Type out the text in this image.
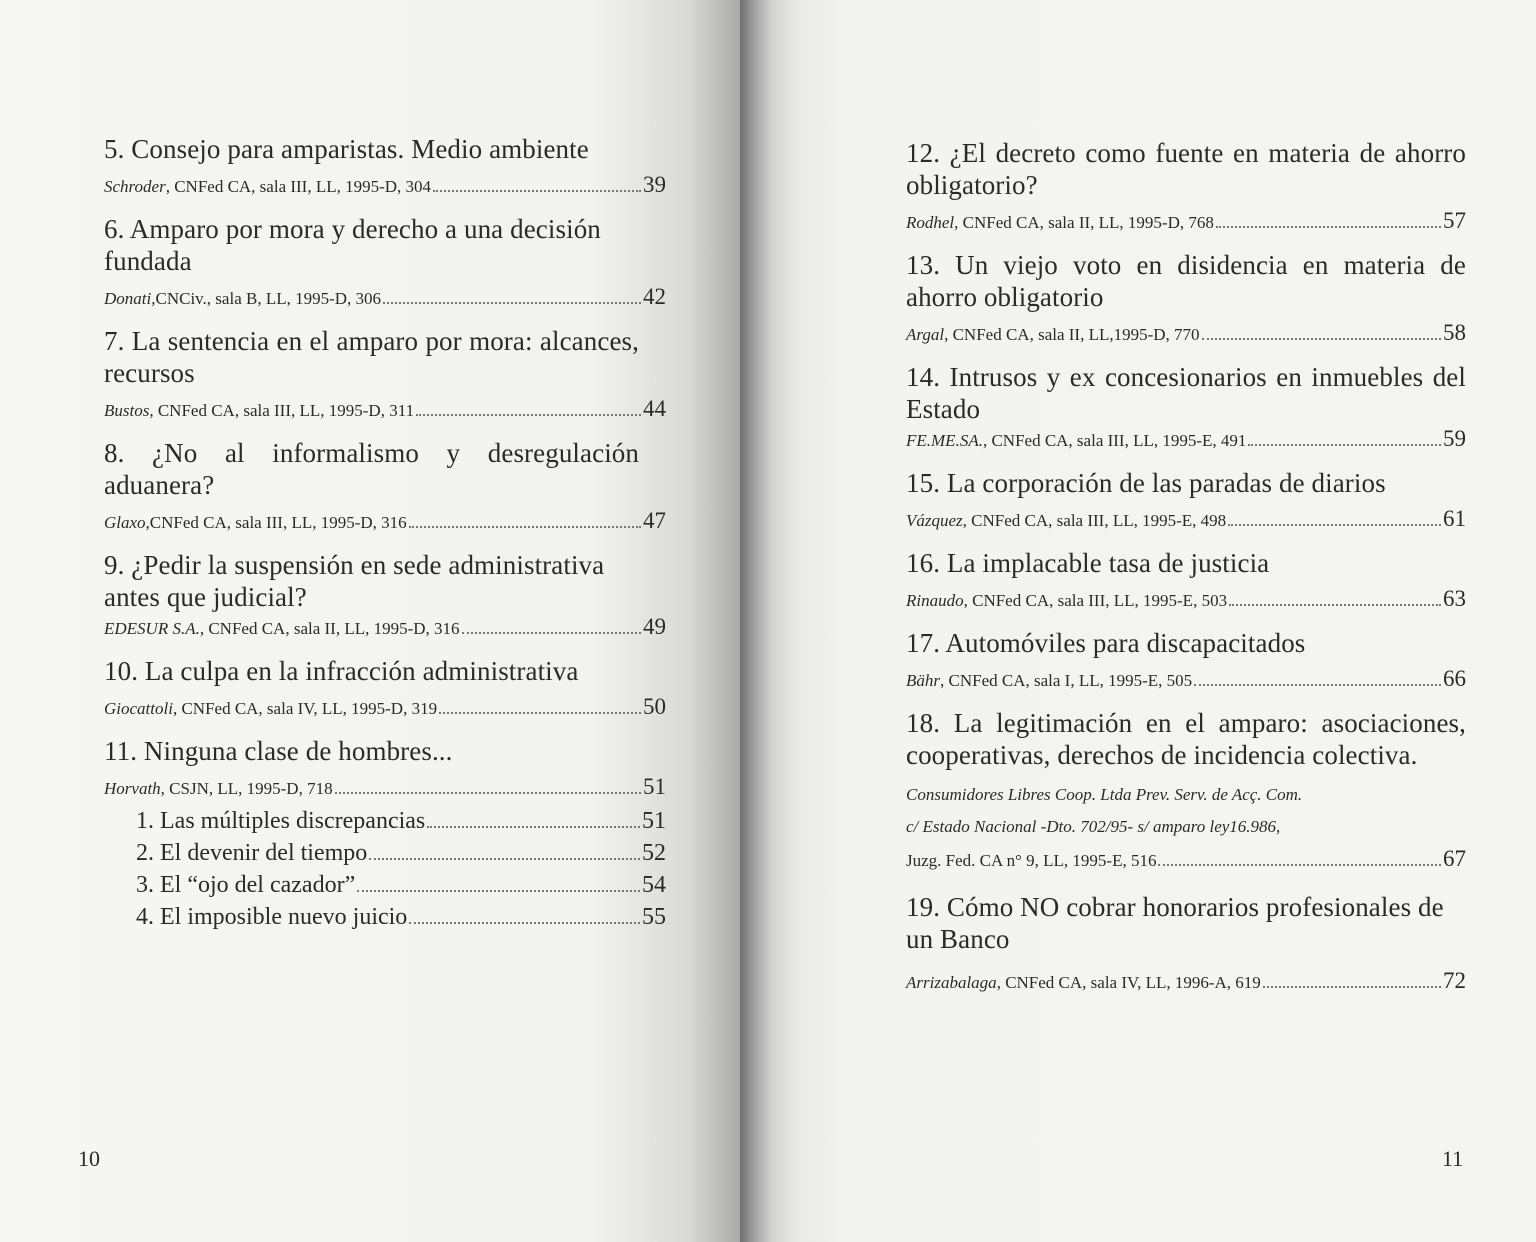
5. Consejo para amparistas. Medio ambiente
Schroder, CNFed CA, sala III, LL, 1995-D, 304	39
6. Amparo por mora y derecho a una decisión fundada
Donati,CNCiv., sala B, LL, 1995-D, 306	42
7. La sentencia en el amparo por mora: alcances, recursos
Bustos, CNFed CA, sala III, LL, 1995-D, 311	44
8. ¿No al informalismo y desregulación aduanera?
Glaxo,CNFed CA, sala III, LL, 1995-D, 316	47
9. ¿Pedir la suspensión en sede administrativa antes que judicial?
EDESUR S.A., CNFed CA, sala II, LL, 1995-D, 316	49
10. La culpa en la infracción administrativa
Giocattoli, CNFed CA, sala IV, LL, 1995-D, 319	50
11. Ninguna clase de hombres...
Horvath, CSJN, LL, 1995-D, 718	51
1. Las múltiples discrepancias	51
2. El devenir del tiempo	52
3. El “ojo del cazador”	54
4. El imposible nuevo juicio	55
10
12. ¿El decreto como fuente en materia de ahorro obligatorio?
Rodhel, CNFed CA, sala II, LL, 1995-D, 768	57
13. Un viejo voto en disidencia en materia de ahorro obligatorio
Argal, CNFed CA, sala II, LL,1995-D, 770	58
14. Intrusos y ex concesionarios en inmuebles del Estado
FE.ME.SA., CNFed CA, sala III, LL, 1995-E, 491	59
15. La corporación de las paradas de diarios
Vázquez, CNFed CA, sala III, LL, 1995-E, 498	61
16. La implacable tasa de justicia
Rinaudo, CNFed CA, sala III, LL, 1995-E, 503	63
17. Automóviles para discapacitados
Bähr, CNFed CA, sala I, LL, 1995-E, 505	66
18. La legitimación en el amparo: asociaciones, cooperativas, derechos de incidencia colectiva.
Consumidores Libres Coop. Ltda Prev. Serv. de Acç. Com.
c/ Estado Nacional -Dto. 702/95- s/ amparo ley16.986,
Juzg. Fed. CA n° 9, LL, 1995-E, 516	67
19. Cómo NO cobrar honorarios profesionales de un Banco
Arrizabalaga, CNFed CA, sala IV, LL, 1996-A, 619	72
11
